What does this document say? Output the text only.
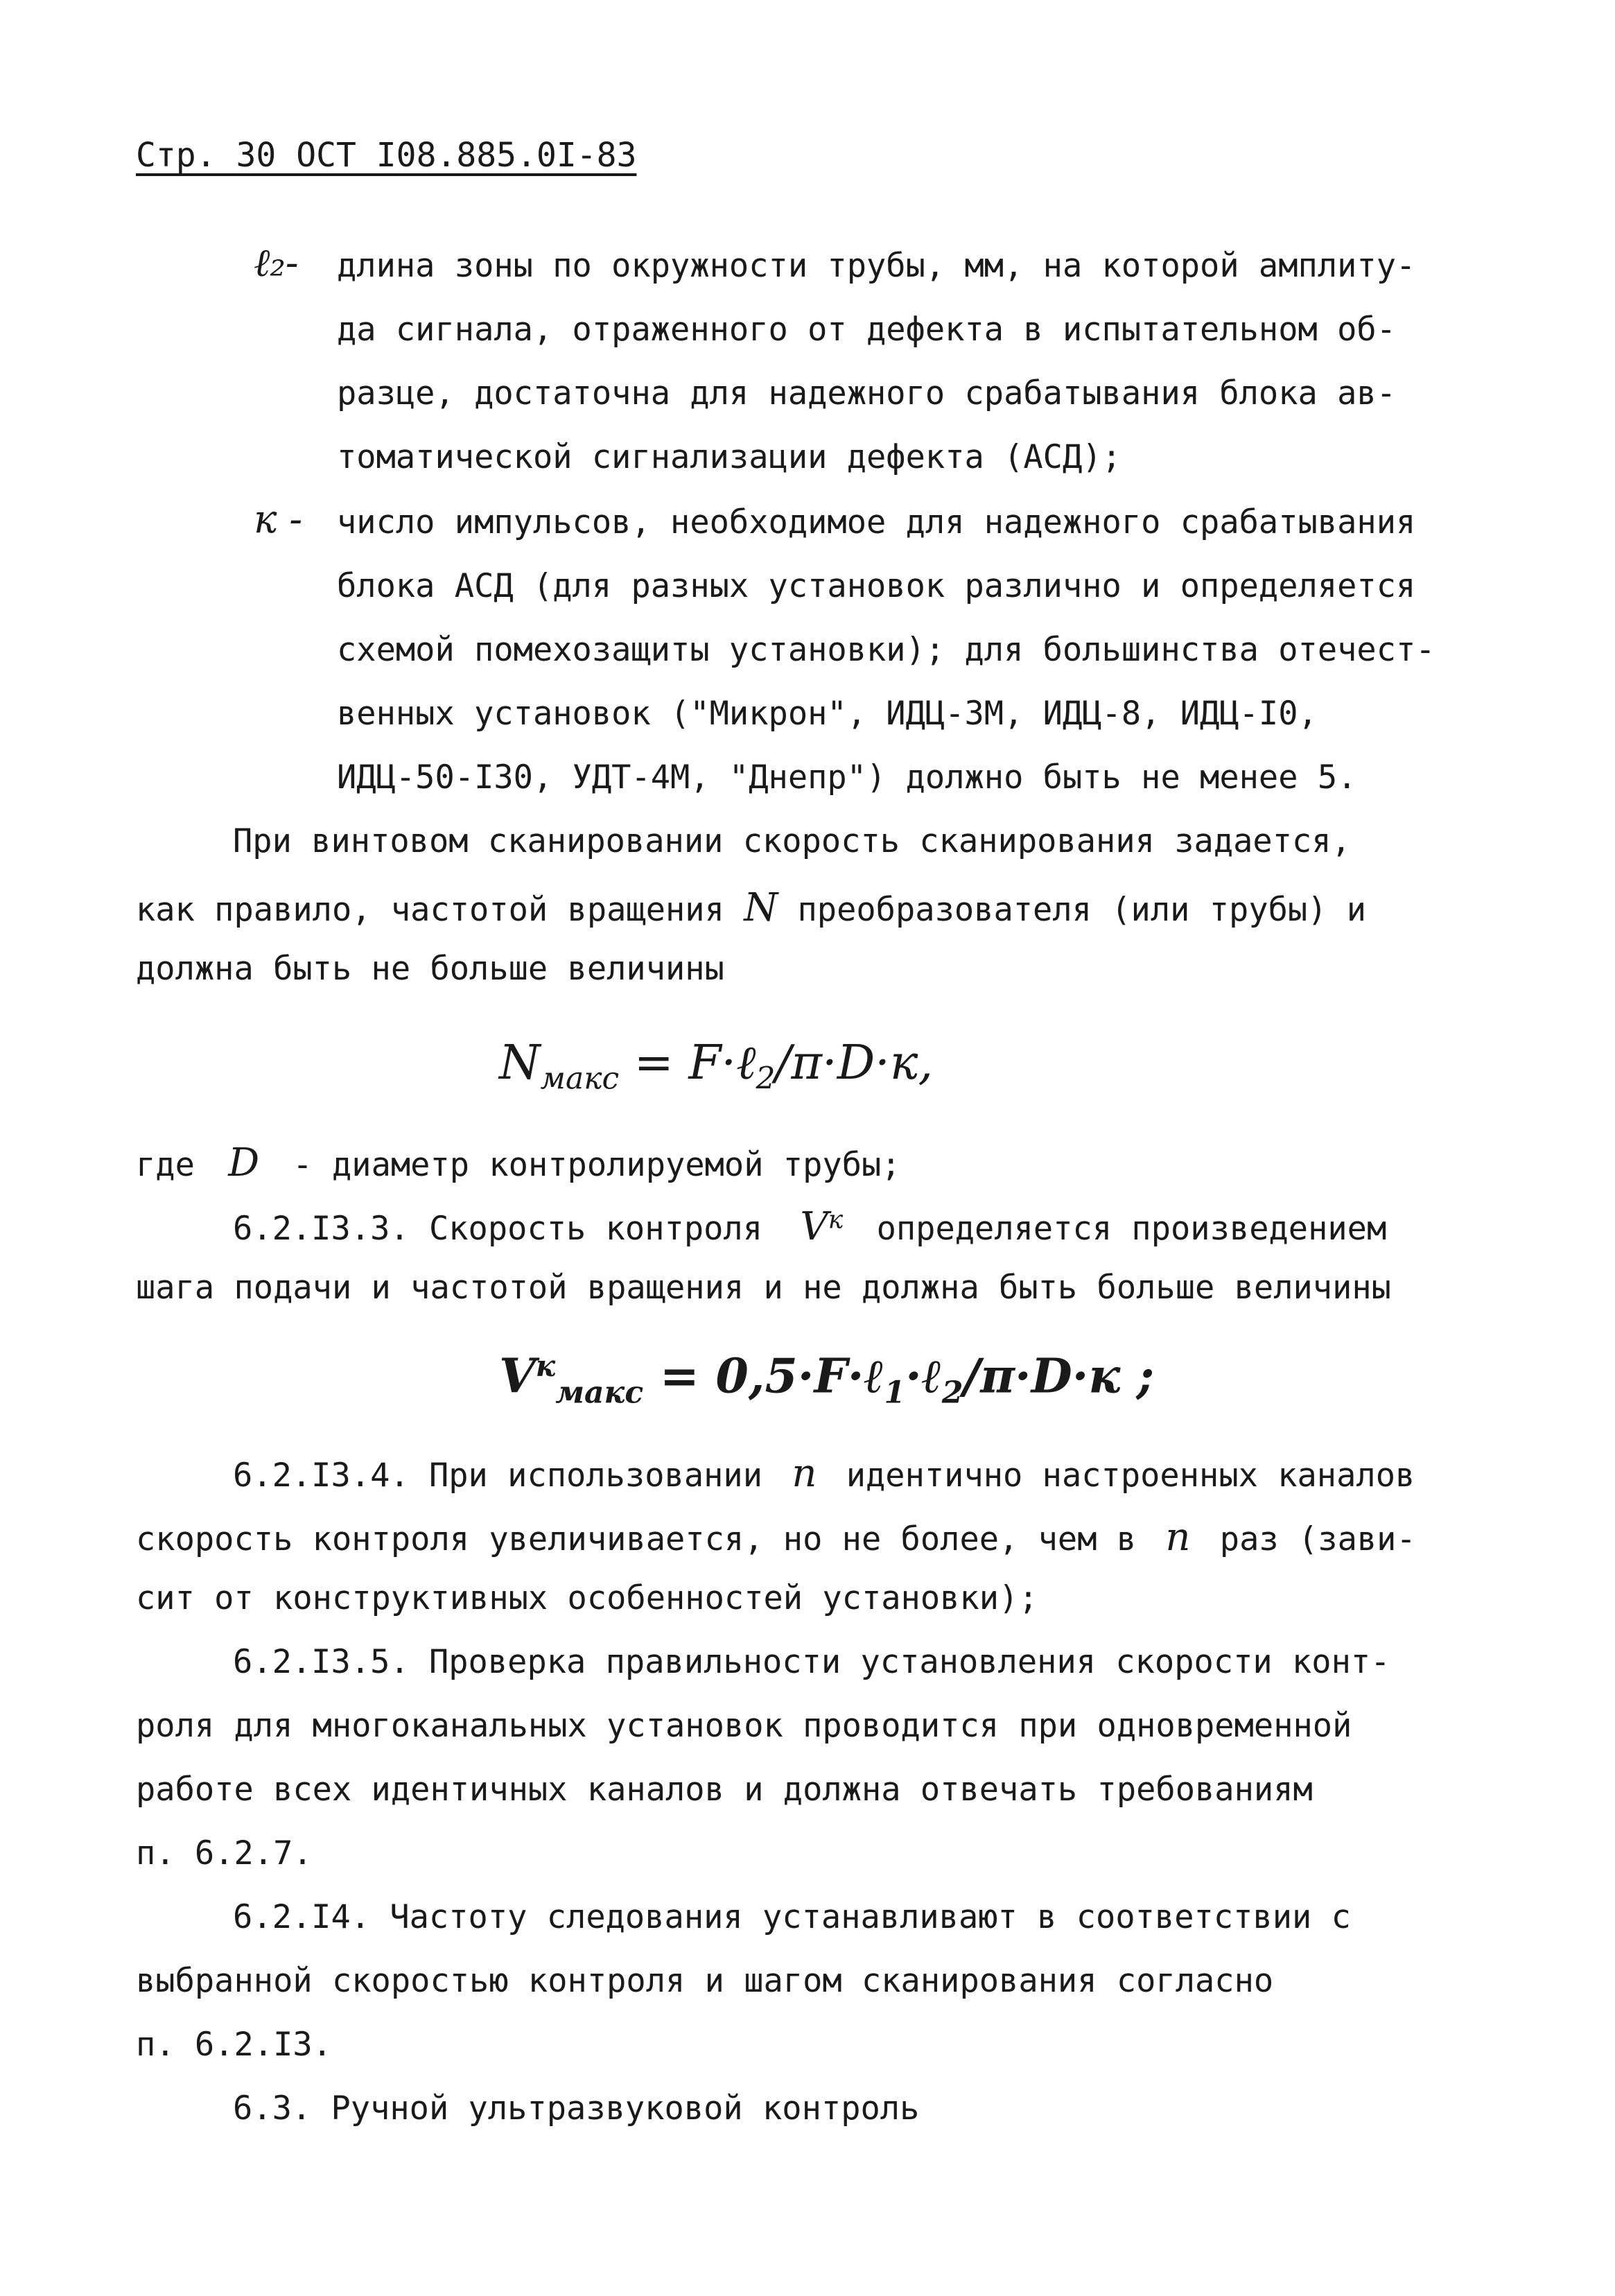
Стр. 30 ОСТ I08.885.0I-83
ℓ₂- длина зоны по окружности трубы, мм, на которой амплиту-
да сигнала, отраженного от дефекта в испытательном об-
разце, достаточна для надежного срабатывания блока ав-
томатической сигнализации дефекта (АСД);
к - число импульсов, необходимое для надежного срабатывания
блока АСД (для разных установок различно и определяется
схемой помехозащиты установки); для большинства отечест-
венных установок ("Микрон", ИДЦ-3М, ИДЦ-8, ИДЦ-I0,
ИДЦ-50-I30, УДТ-4М, "Днепр") должно быть не менее 5.
При винтовом сканировании скорость сканирования задается,
как правило, частотой вращения N преобразователя (или трубы) и
должна быть не больше величины
$N_{макс}$ = F·ℓ$_2$/π·D·к,
где D - диаметр контролируемой трубы;
6.2.I3.3. Скорость контроля $V^к$ определяется произведением
шага подачи и частотой вращения и не должна быть больше величины
$V^к_{макс}$ = 0,5·F·ℓ$_1$·ℓ$_2$/π·D·к ;
6.2.I3.4. При использовании n идентично настроенных каналов
скорость контроля увеличивается, но не более, чем в n раз (зави-
сит от конструктивных особенностей установки);
6.2.I3.5. Проверка правильности установления скорости конт-
роля для многоканальных установок проводится при одновременной
работе всех идентичных каналов и должна отвечать требованиям
п. 6.2.7.
6.2.I4. Частоту следования устанавливают в соответствии с
выбранной скоростью контроля и шагом сканирования согласно
п. 6.2.I3.
6.3. Ручной ультразвуковой контроль
